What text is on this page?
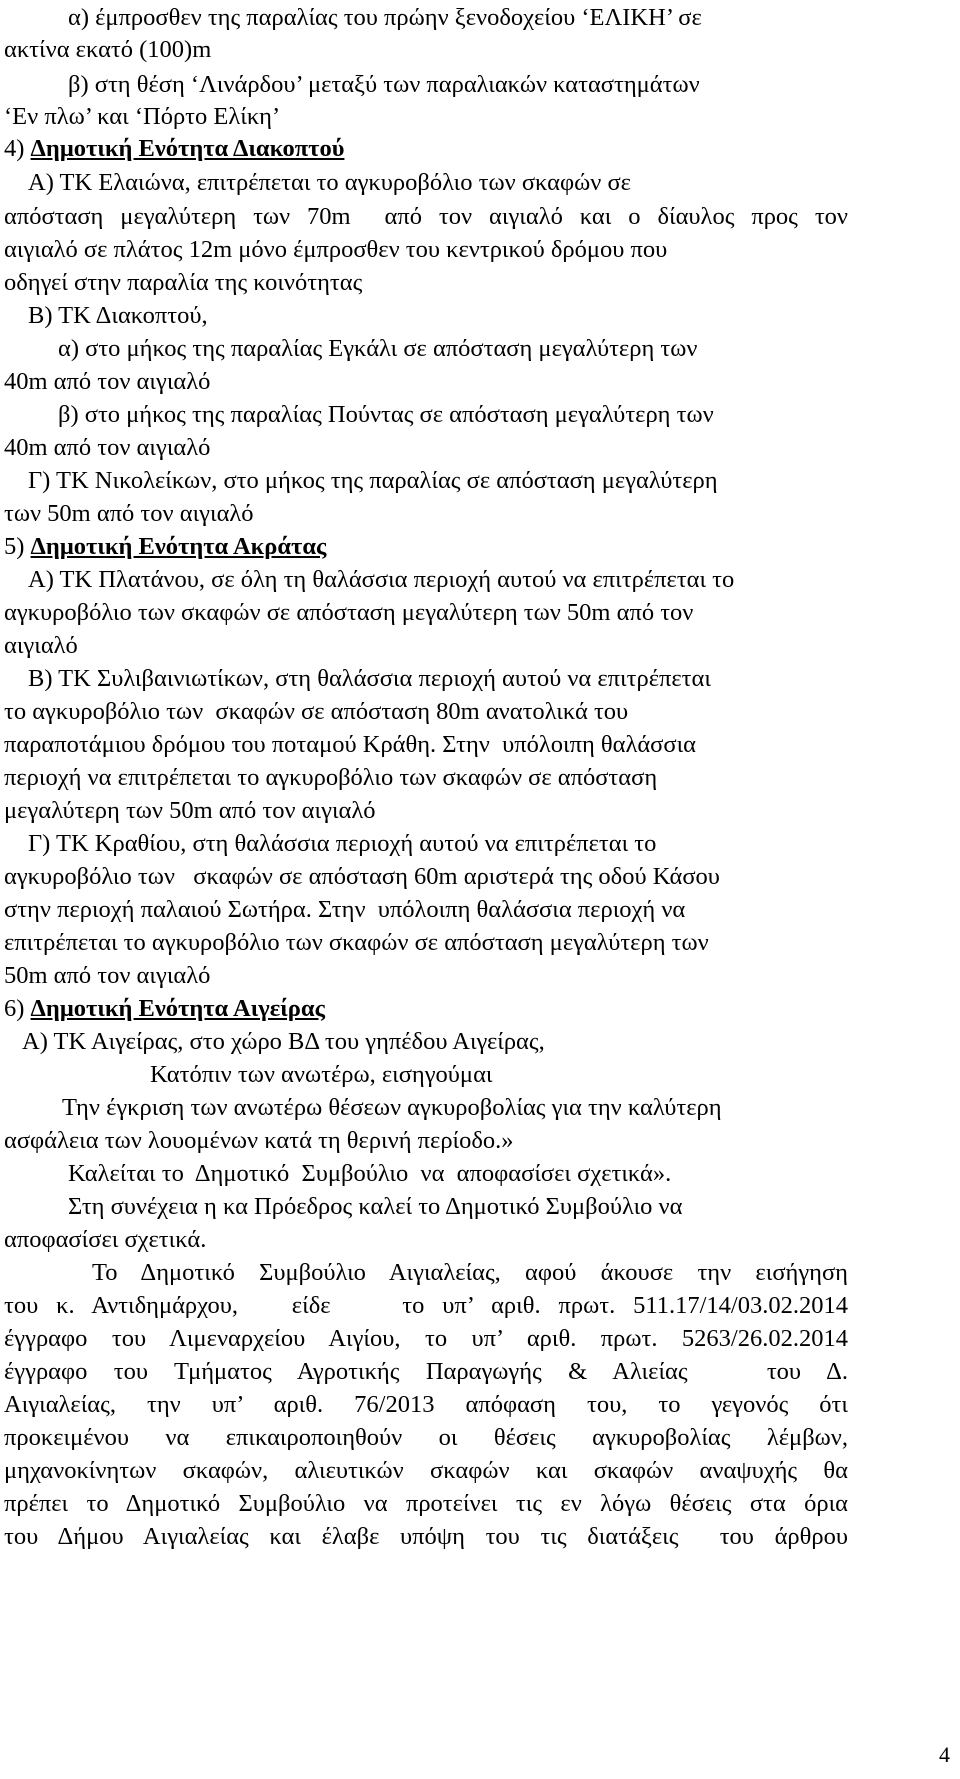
α) έμπροσθεν της παραλίας του πρώην ξενοδοχείου ‘ΕΛΙΚΗ’ σε
ακτίνα εκατό (100)m
β) στη θέση ‘Λινάρδου’ μεταξύ των παραλιακών καταστημάτων
‘Εν πλω’ και ‘Πόρτο Ελίκη’
4) Δημοτική Ενότητα Διακοπτού
Α) ΤΚ Ελαιώνα, επιτρέπεται το αγκυροβόλιο των σκαφών σε
απόσταση μεγαλύτερη των 70m  από τον αιγιαλό και ο δίαυλος προς τον
αιγιαλό σε πλάτος 12m μόνο έμπροσθεν του κεντρικού δρόμου που
οδηγεί στην παραλία της κοινότητας
Β) ΤΚ Διακοπτού,
α) στο μήκος της παραλίας Εγκάλι σε απόσταση μεγαλύτερη των
40m από τον αιγιαλό
β) στο μήκος της παραλίας Πούντας σε απόσταση μεγαλύτερη των
40m από τον αιγιαλό
Γ) ΤΚ Νικολείκων, στο μήκος της παραλίας σε απόσταση μεγαλύτερη
των 50m από τον αιγιαλό
5) Δημοτική Ενότητα Ακράτας
Α) ΤΚ Πλατάνου, σε όλη τη θαλάσσια περιοχή αυτού να επιτρέπεται το
αγκυροβόλιο των σκαφών σε απόσταση μεγαλύτερη των 50m από τον
αιγιαλό
Β) ΤΚ Συλιβαινιωτίκων, στη θαλάσσια περιοχή αυτού να επιτρέπεται
το αγκυροβόλιο των  σκαφών σε απόσταση 80m ανατολικά του
παραποτάμιου δρόμου του ποταμού Κράθη. Στην  υπόλοιπη θαλάσσια
περιοχή να επιτρέπεται το αγκυροβόλιο των σκαφών σε απόσταση
μεγαλύτερη των 50m από τον αιγιαλό
Γ) ΤΚ Κραθίου, στη θαλάσσια περιοχή αυτού να επιτρέπεται το
αγκυροβόλιο των   σκαφών σε απόσταση 60m αριστερά της οδού Κάσου
στην περιοχή παλαιού Σωτήρα. Στην  υπόλοιπη θαλάσσια περιοχή να
επιτρέπεται το αγκυροβόλιο των σκαφών σε απόσταση μεγαλύτερη των
50m από τον αιγιαλό
6) Δημοτική Ενότητα Αιγείρας
Α) ΤΚ Αιγείρας, στο χώρο ΒΔ του γηπέδου Αιγείρας,
Κατόπιν των ανωτέρω, εισηγούμαι
Την έγκριση των ανωτέρω θέσεων αγκυροβολίας για την καλύτερη
ασφάλεια των λουομένων κατά τη θερινή περίοδο.»
Καλείται το  Δημοτικό  Συμβούλιο  να  αποφασίσει σχετικά».
Στη συνέχεια η κα Πρόεδρος καλεί το Δημοτικό Συμβούλιο να
αποφασίσει σχετικά.
Το Δημοτικό Συμβούλιο Αιγιαλείας, αφού άκουσε την εισήγηση
του κ. Αντιδημάρχου,   είδε    το υπ’ αριθ. πρωτ. 511.17/14/03.02.2014
έγγραφο του Λιμεναρχείου Αιγίου, το υπ’ αριθ. πρωτ. 5263/26.02.2014
έγγραφο του Τμήματος Αγροτικής Παραγωγής & Αλιείας   του Δ.
Αιγιαλείας, την υπ’ αριθ. 76/2013 απόφαση του, το γεγονός ότι
προκειμένου να επικαιροποιηθούν οι θέσεις αγκυροβολίας λέμβων,
μηχανοκίνητων σκαφών, αλιευτικών σκαφών και σκαφών αναψυχής θα
πρέπει το Δημοτικό Συμβούλιο να προτείνει τις εν λόγω θέσεις στα όρια
του Δήμου Αιγιαλείας και έλαβε υπόψη του τις διατάξεις  του άρθρου
4
